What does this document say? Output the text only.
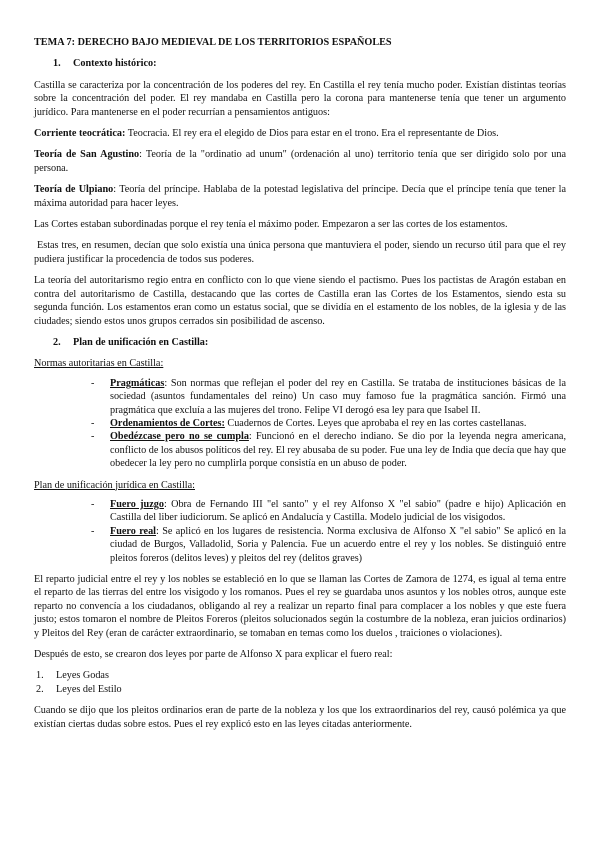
TEMA 7: DERECHO BAJO MEDIEVAL DE LOS TERRITORIOS ESPAÑOLES

1. Contexto histórico:

Castilla se caracteriza por la concentración de los poderes del rey. En Castilla el rey tenía mucho poder. Existían distintas teorías sobre la concentración del poder. El rey mandaba en Castilla pero la corona para mantenerse tenía que tener un argumento jurídico. Para mantenerse en el poder recurrían a pensamientos antiguos:

Corriente teocrática: Teocracia. El rey era el elegido de Dios para estar en el trono. Era el representante de Dios.

Teoría de San Agustino: Teoría de la "ordinatio ad unum" (ordenación al uno) territorio tenía que ser dirigido solo por una persona.

Teoría de Ulpiano: Teoría del príncipe. Hablaba de la potestad legislativa del príncipe. Decía que el príncipe tenía que tener la máxima autoridad para hacer leyes.

Las Cortes estaban subordinadas porque el rey tenía el máximo poder. Empezaron a ser las cortes de los estamentos.

Estas tres, en resumen, decían que solo existía una única persona que mantuviera el poder, siendo un recurso útil para que el rey pudiera justificar la procedencia de todos sus poderes.

La teoría del autoritarismo regio entra en conflicto con lo que viene siendo el pactismo. Pues los pactistas de Aragón estaban en contra del autoritarismo de Castilla, destacando que las cortes de Castilla eran las Cortes de los Estamentos, siendo esta su segunda función. Los estamentos eran como un estatus social, que se dividía en el estamento de los nobles, de la iglesia y de las ciudades; siendo estos unos grupos cerrados sin posibilidad de ascenso.

2. Plan de unificación en Castilla:

Normas autoritarias en Castilla:

- Pragmáticas: Son normas que reflejan el poder del rey en Castilla. Se trataba de instituciones básicas de la sociedad (asuntos fundamentales del reino) Un caso muy famoso fue la pragmática sanción. Firmó una pragmática que excluía a las mujeres del trono. Felipe VI derogó esa ley para que Isabel II.
- Ordenamientos de Cortes: Cuadernos de Cortes. Leyes que aprobaba el rey en las cortes castellanas.
- Obedézcase pero no se cumpla: Funcionó en el derecho indiano. Se dio por la leyenda negra americana, conflicto de los abusos políticos del rey. El rey abusaba de su poder. Fue una ley de India que decía que hay que obedecer la ley pero no cumplirla porque consistía en un abuso de poder.

Plan de unificación jurídica en Castilla:

- Fuero juzgo: Obra de Fernando III "el santo" y el rey Alfonso X "el sabio" (padre e hijo) Aplicación en Castilla del liber iudiciorum. Se aplicó en Andalucía y Castilla. Modelo judicial de los visigodos.
- Fuero real: Se aplicó en los lugares de resistencia. Norma exclusiva de Alfonso X "el sabio" Se aplicó en la ciudad de Burgos, Valladolid, Soria y Palencia. Fue un acuerdo entre el rey y los nobles. Se distinguió entre pleitos foreros (delitos leves) y pleitos del rey (delitos graves)

El reparto judicial entre el rey y los nobles se estableció en lo que se llaman las Cortes de Zamora de 1274, es igual al tema entre el reparto de las tierras del entre los visigodo y los romanos. Pues el rey se guardaba unos asuntos y los nobles otros, aunque este reparto no convencía a los ciudadanos, obligando al rey a realizar un reparto final para complacer a los nobles y que este fuera justo; estos tomaron el nombre de Pleitos Foreros (pleitos solucionados según la costumbre de la nobleza, eran juicios ordinarios) y Pleitos del Rey (eran de carácter extraordinario, se tomaban en temas como los duelos , traiciones o violaciones).

Después de esto, se crearon dos leyes por parte de Alfonso X para explicar el fuero real:

1. Leyes Godas
2. Leyes del Estilo

Cuando se dijo que los pleitos ordinarios eran de parte de la nobleza y los que los extraordinarios del rey, causó polémica ya que existían ciertas dudas sobre estos. Pues el rey explicó esto en las leyes citadas anteriormente.
